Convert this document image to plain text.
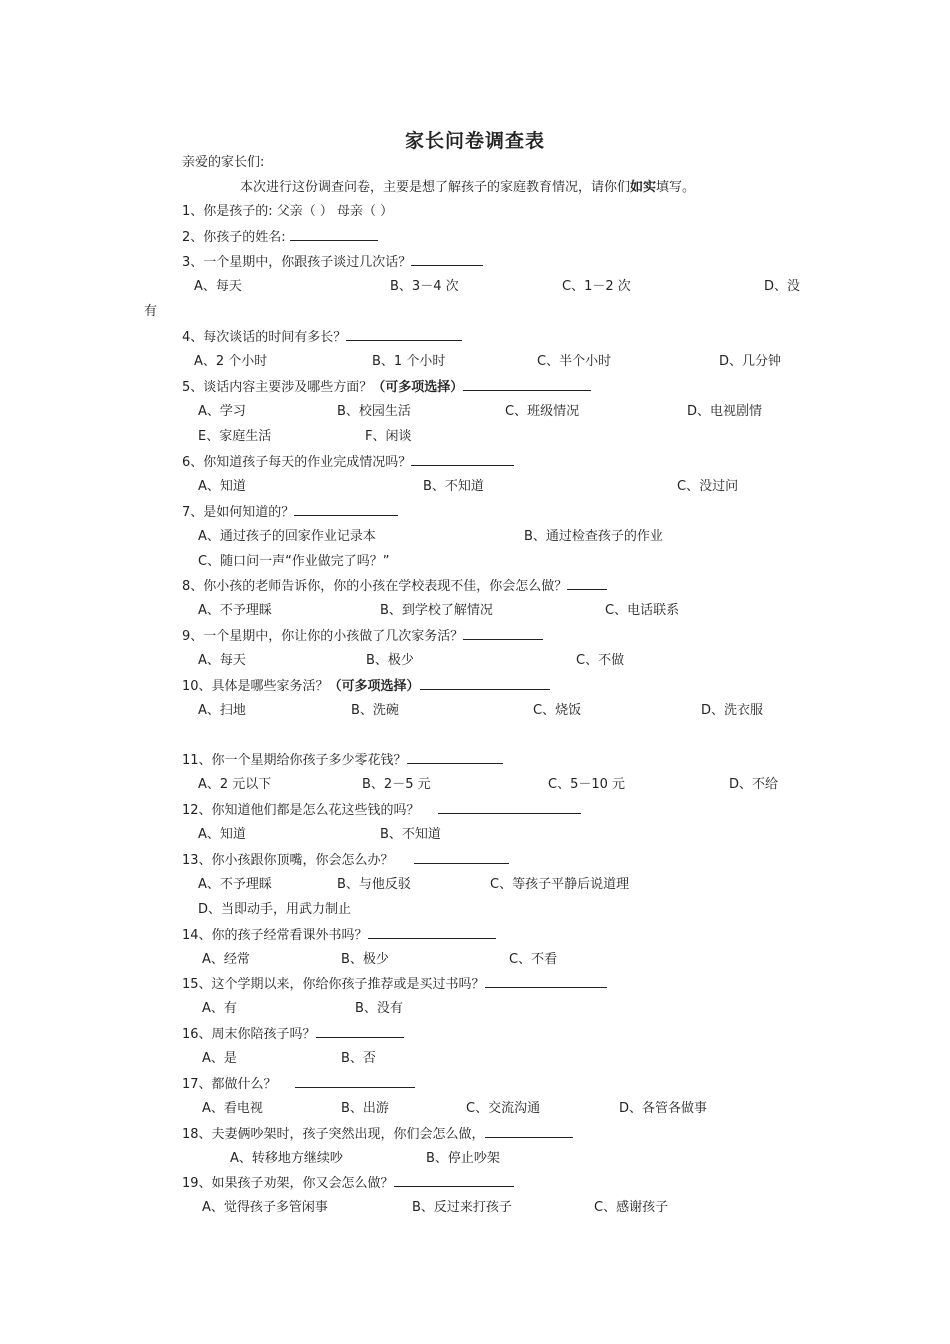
家长问卷调查表
亲爱的家长们:
本次进行这份调查问卷，主要是想了解孩子的家庭教育情况，请你们如实填写。
1、你是孩子的: 父亲（ ） 母亲（ ）
2、你孩子的姓名:
3、一个星期中，你跟孩子谈过几次话？
A、每天	B、3－4 次	C、1－2 次	D、没
有
4、每次谈话的时间有多长？
A、2 个小时	B、1 个小时	C、半个小时	D、几分钟
5、谈话内容主要涉及哪些方面？（可多项选择）
A、学习	B、校园生活	C、班级情况	D、电视剧情
E、家庭生活	F、闲谈
6、你知道孩子每天的作业完成情况吗？
A、知道	B、不知道	C、没过问
7、是如何知道的？
A、通过孩子的回家作业记录本	B、通过检查孩子的作业
C、随口问一声“作业做完了吗？”
8、你小孩的老师告诉你，你的小孩在学校表现不佳，你会怎么做？
A、不予理睬	B、到学校了解情况	C、电话联系
9、一个星期中，你让你的小孩做了几次家务活？
A、每天	B、极少	C、不做
10、具体是哪些家务活？（可多项选择）
A、扫地	B、洗碗	C、烧饭	D、洗衣服
11、你一个星期给你孩子多少零花钱？
A、2 元以下	B、2－5 元	C、5－10 元	D、不给
12、你知道他们都是怎么花这些钱的吗？
A、知道	B、不知道
13、你小孩跟你顶嘴，你会怎么办？
A、不予理睬	B、与他反驳	C、等孩子平静后说道理
D、当即动手，用武力制止
14、你的孩子经常看课外书吗？
A、经常	B、极少	C、不看
15、这个学期以来，你给你孩子推荐或是买过书吗？
A、有	B、没有
16、周末你陪孩子吗？
A、是	B、否
17、都做什么？
A、看电视	B、出游	C、交流沟通	D、各管各做事
18、夫妻俩吵架时，孩子突然出现，你们会怎么做，
A、转移地方继续吵	B、停止吵架
19、如果孩子劝架，你又会怎么做？
A、觉得孩子多管闲事	B、反过来打孩子	C、感谢孩子
